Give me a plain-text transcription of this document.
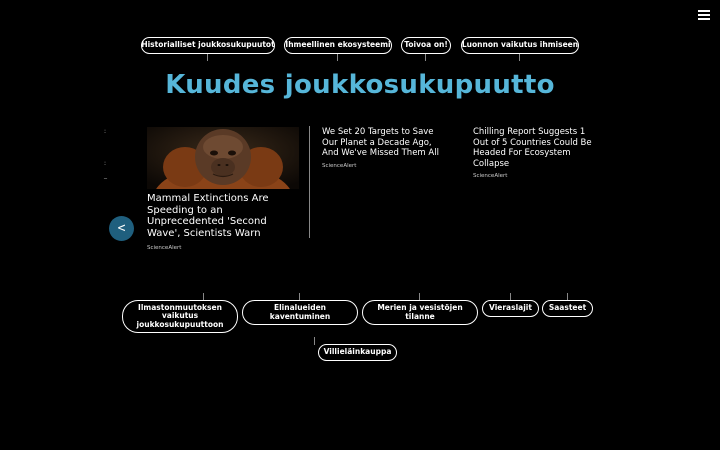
Historialliset joukkosukupuutot Ihmeellinen ekosysteemi	Toivoa on!	Luonnon vaikutus ihmiseen
Kuudes joukkosukupuutto
:
:
_
Mammal Extinctions Are Speeding to an Unprecedented 'Second Wave', Scientists Warn
ScienceAlert
We Set 20 Targets to Save Our Planet a Decade Ago, And We've Missed Them All
ScienceAlert
Chilling Report Suggests 1 Out of 5 Countries Could Be Headed For Ecosystem Collapse
ScienceAlert
<
Ilmastonmuutoksen vaikutus joukkosukupuuttoon
Elinalueiden kaventuminen
Merien ja vesistöjen tilanne
Vieraslajit	Saasteet
Villieläinkauppa
